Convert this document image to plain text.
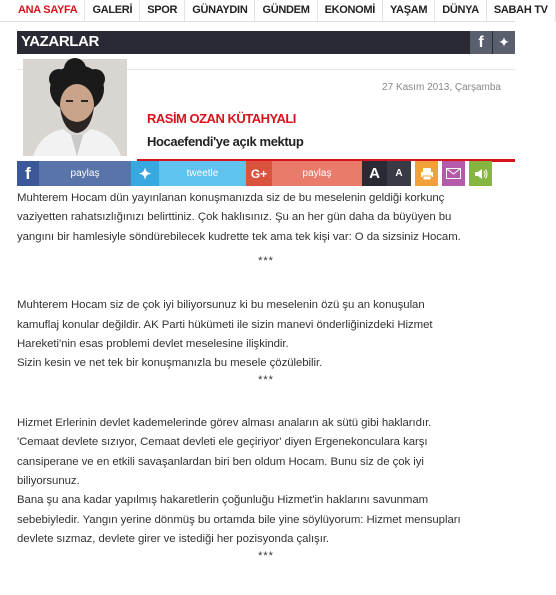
ANA SAYFA	GALERİ	SPOR	GÜNAYDIN	GÜNDEM	EKONOMİ	YAŞAM	DÜNYA	SABAH TV
YAZARLAR	f	✦
27 Kasım 2013, Çarşamba
RASİM OZAN KÜTAHYALI
Hocaefendi'ye açık mektup
f	paylaş	✦	tweetle	G+	paylaş	A	A
Muhterem Hocam dün yayınlanan konuşmanızda siz de bu meselenin geldiği korkunç
vaziyetten rahatsızlığınızı belirttiniz. Çok haklısınız. Şu an her gün daha da büyüyen bu
yangını bir hamlesiyle söndürebilecek kudrette tek ama tek kişi var: O da sizsiniz Hocam.
***
Muhterem Hocam siz de çok iyi biliyorsunuz ki bu meselenin özü şu an konuşulan
kamuflaj konular değildir. AK Parti hükümeti ile sizin manevi önderliğinizdeki Hizmet
Hareketi'nin esas problemi devlet meselesine ilişkindir.
Sizin kesin ve net tek bir konuşmanızla bu mesele çözülebilir.
***
Hizmet Erlerinin devlet kademelerinde görev alması anaların ak sütü gibi haklarıdır.
'Cemaat devlete sızıyor, Cemaat devleti ele geçiriyor' diyen Ergenekonculara karşı
cansiperane ve en etkili savaşanlardan biri ben oldum Hocam. Bunu siz de çok iyi
biliyorsunuz.
Bana şu ana kadar yapılmış hakaretlerin çoğunluğu Hizmet'in haklarını savunmam
sebebiyledir. Yangın yerine dönmüş bu ortamda bile yine söylüyorum: Hizmet mensupları
devlete sızmaz, devlete girer ve istediği her pozisyonda çalışır.
***
